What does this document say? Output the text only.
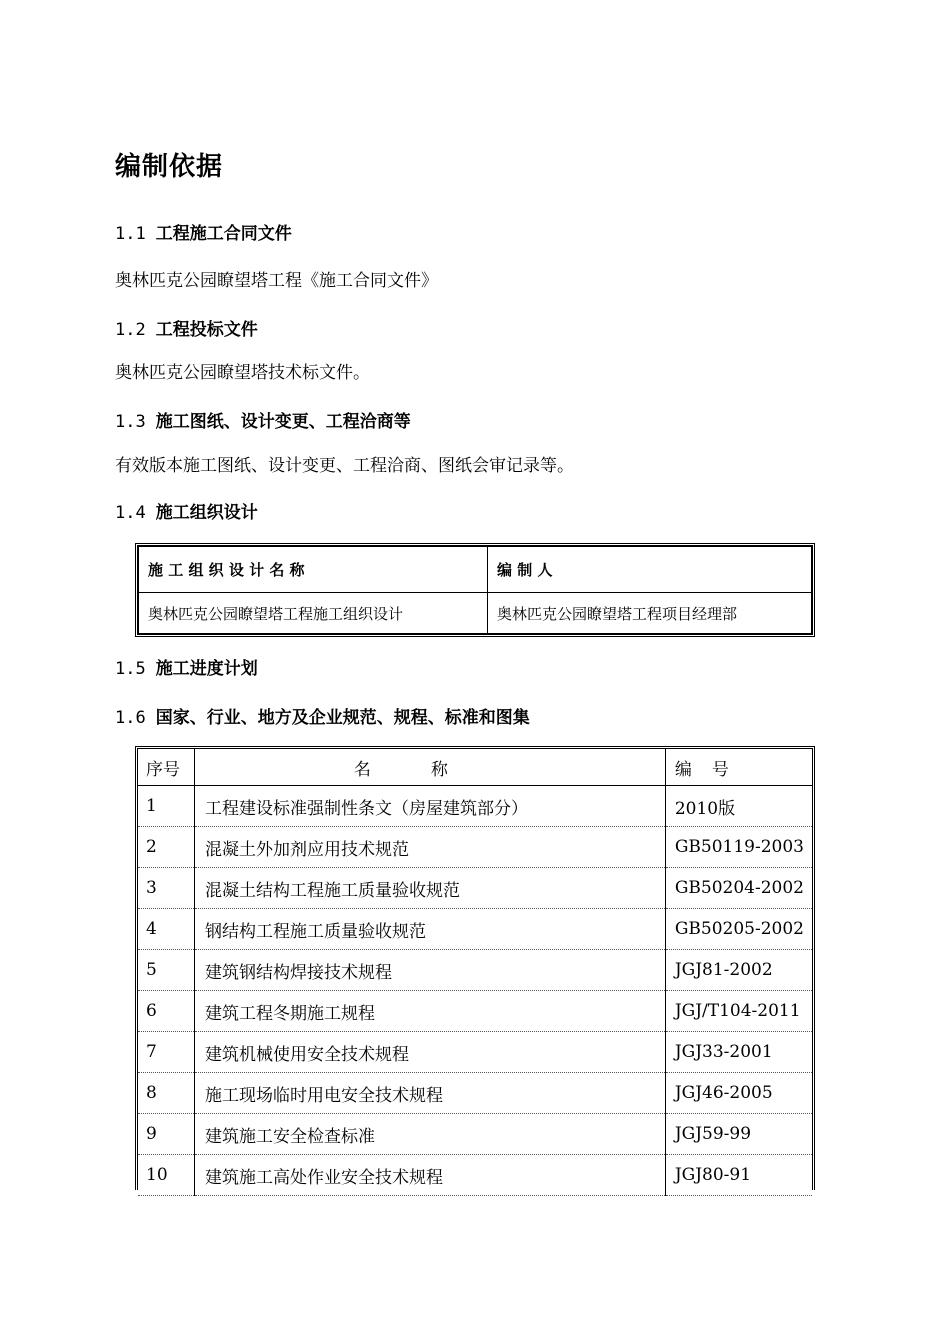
编制依据
1.1 工程施工合同文件
奥林匹克公园瞭望塔工程《施工合同文件》
1.2 工程投标文件
奥林匹克公园瞭望塔技术标文件。
1.3 施工图纸、设计变更、工程洽商等
有效版本施工图纸、设计变更、工程洽商、图纸会审记录等。
1.4 施工组织设计
施 工 组 织 设 计 名 称	编 制 人
奥林匹克公园瞭望塔工程施工组织设计	奥林匹克公园瞭望塔工程项目经理部
1.5 施工进度计划
1.6 国家、行业、地方及企业规范、规程、标准和图集
序号	名称	编号
1	工程建设标准强制性条文（房屋建筑部分）	2010版
2	混凝土外加剂应用技术规范	GB50119-2003
3	混凝土结构工程施工质量验收规范	GB50204-2002
4	钢结构工程施工质量验收规范	GB50205-2002
5	建筑钢结构焊接技术规程	JGJ81-2002
6	建筑工程冬期施工规程	JGJ/T104-2011
7	建筑机械使用安全技术规程	JGJ33-2001
8	施工现场临时用电安全技术规程	JGJ46-2005
9	建筑施工安全检查标准	JGJ59-99
10	建筑施工高处作业安全技术规程	JGJ80-91
